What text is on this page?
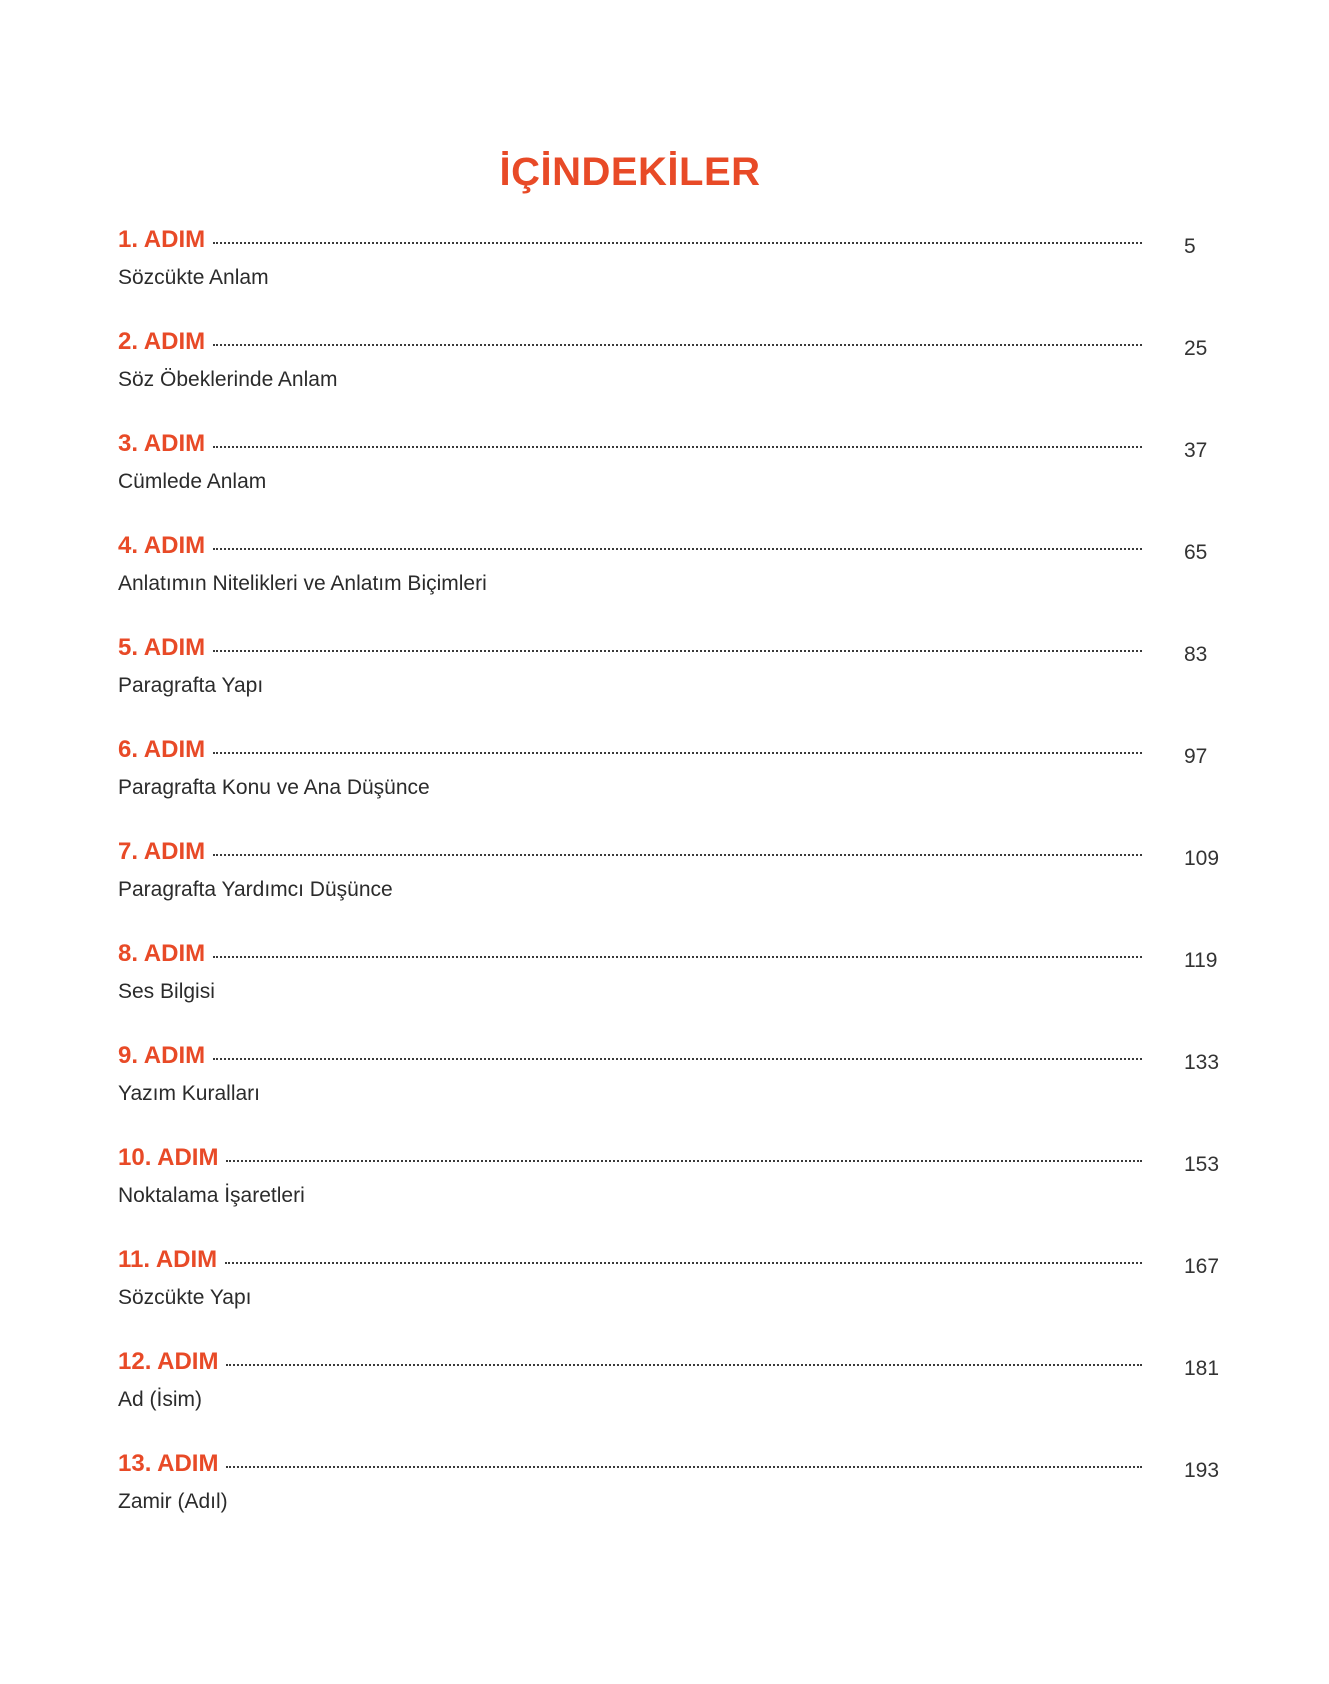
İÇİNDEKİLER
1. ADIM	5
Sözcükte Anlam
2. ADIM	25
Söz Öbeklerinde Anlam
3. ADIM	37
Cümlede Anlam
4. ADIM	65
Anlatımın Nitelikleri ve Anlatım Biçimleri
5. ADIM	83
Paragrafta Yapı
6. ADIM	97
Paragrafta Konu ve Ana Düşünce
7. ADIM	109
Paragrafta Yardımcı Düşünce
8. ADIM	119
Ses Bilgisi
9. ADIM	133
Yazım Kuralları
10. ADIM	153
Noktalama İşaretleri
11. ADIM	167
Sözcükte Yapı
12. ADIM	181
Ad (İsim)
13. ADIM	193
Zamir (Adıl)
